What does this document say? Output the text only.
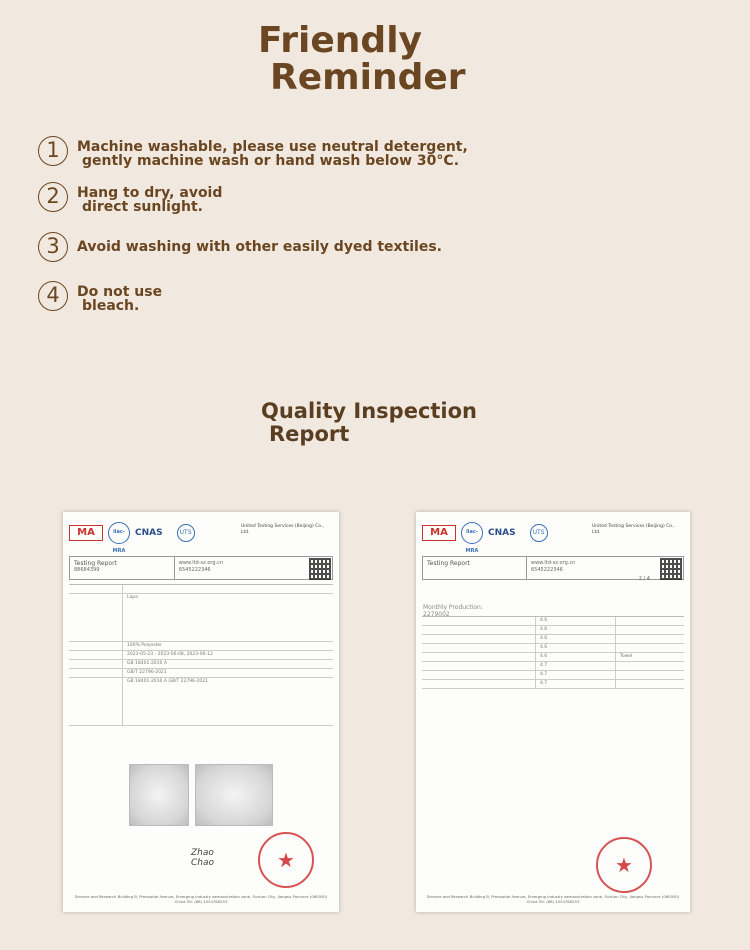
Friendly
Reminder
1	Machine washable, please use neutral detergent,
gently machine wash or hand wash below 30°C.
2	Hang to dry, avoid
direct sunlight.
3	Avoid washing with other easily dyed textiles.
4	Do not use
bleach.
Quality Inspection
Report
MA	ilac-MRA
CNAS	UTS
United Testing Services (Beijing) Co., Ltd.
Testing Report
88684399
www.ltd-sz.org.cn
6545222346
Lapa
100% Polyester
2023-05-23 - 2023-06-08, 2023-06-12
GB 18401-2010 A
GB/T 22796-2021
GB 18401-2010 A GB/T 22796-2021
Zhao
Chao	★
Science and Research Building B, Presswide Avenue, Emerging Industry demonstration zone, Suzhou City, Jiangsu Province (065000) China Tel: (86) 1034766253
MA	ilac-MRA
CNAS	UTS
United Testing Services (Beijing) Co., Ltd.
Testing Report	www.ltd-sz.org.cn
6545222346
2 / 4
Monthly Production:
2279002
4.6
4.6
4.6
4.6
4.6	Towel
4.7
4.7
4.7
★
Science and Research Building B, Presswide Avenue, Emerging Industry demonstration zone, Suzhou City, Jiangsu Province (065000) China Tel: (86) 1034766253
